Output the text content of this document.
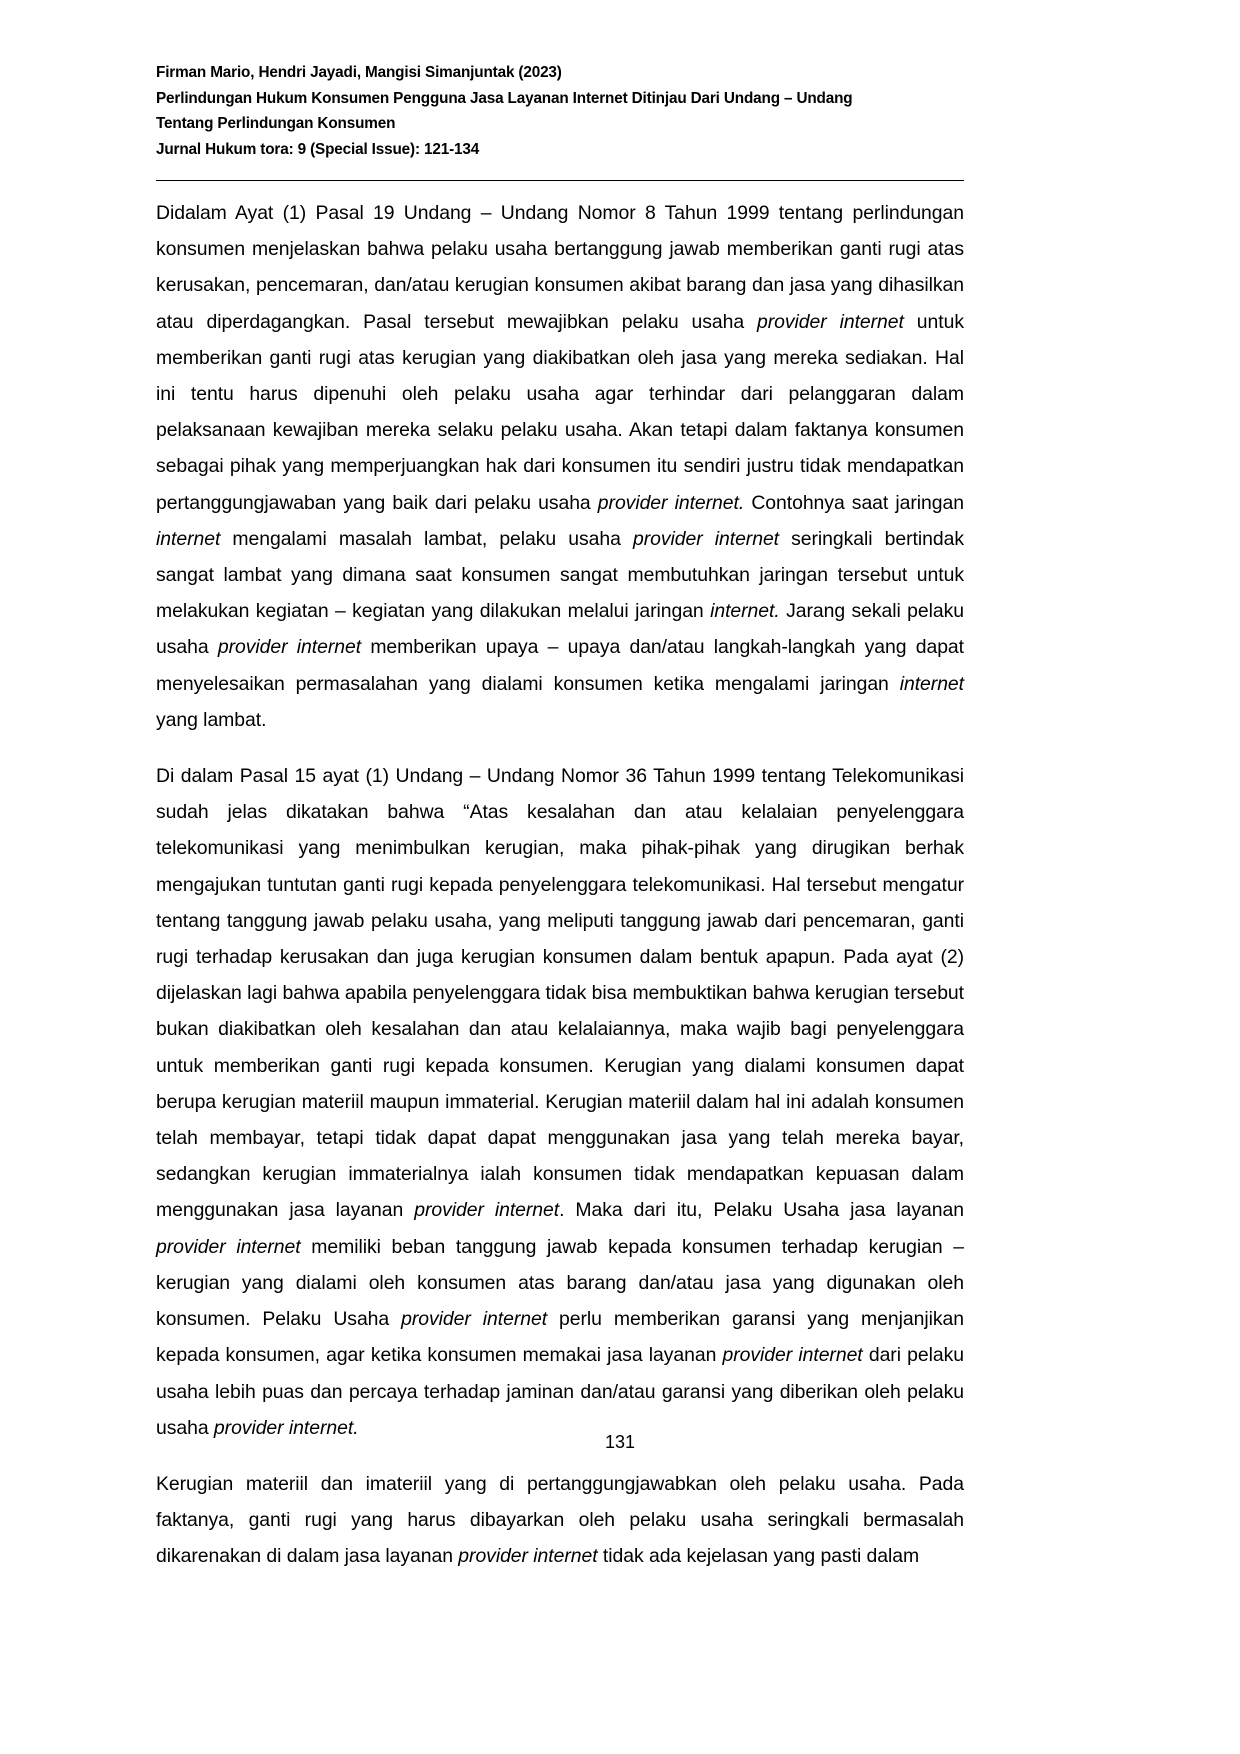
Firman Mario, Hendri Jayadi, Mangisi Simanjuntak (2023)
Perlindungan Hukum Konsumen Pengguna Jasa Layanan Internet Ditinjau Dari Undang – Undang
Tentang Perlindungan Konsumen
Jurnal Hukum tora: 9 (Special Issue): 121-134

Didalam Ayat (1) Pasal 19 Undang – Undang Nomor 8 Tahun 1999 tentang perlindungan konsumen menjelaskan bahwa pelaku usaha bertanggung jawab memberikan ganti rugi atas kerusakan, pencemaran, dan/atau kerugian konsumen akibat barang dan jasa yang dihasilkan atau diperdagangkan. Pasal tersebut mewajibkan pelaku usaha provider internet untuk memberikan ganti rugi atas kerugian yang diakibatkan oleh jasa yang mereka sediakan. Hal ini tentu harus dipenuhi oleh pelaku usaha agar terhindar dari pelanggaran dalam pelaksanaan kewajiban mereka selaku pelaku usaha. Akan tetapi dalam faktanya konsumen sebagai pihak yang memperjuangkan hak dari konsumen itu sendiri justru tidak mendapatkan pertanggungjawaban yang baik dari pelaku usaha provider internet. Contohnya saat jaringan internet mengalami masalah lambat, pelaku usaha provider internet seringkali bertindak sangat lambat yang dimana saat konsumen sangat membutuhkan jaringan tersebut untuk melakukan kegiatan – kegiatan yang dilakukan melalui jaringan internet. Jarang sekali pelaku usaha provider internet memberikan upaya – upaya dan/atau langkah-langkah yang dapat menyelesaikan permasalahan yang dialami konsumen ketika mengalami jaringan internet yang lambat.

Di dalam Pasal 15 ayat (1) Undang – Undang Nomor 36 Tahun 1999 tentang Telekomunikasi sudah jelas dikatakan bahwa “Atas kesalahan dan atau kelalaian penyelenggara telekomunikasi yang menimbulkan kerugian, maka pihak-pihak yang dirugikan berhak mengajukan tuntutan ganti rugi kepada penyelenggara telekomunikasi. Hal tersebut mengatur tentang tanggung jawab pelaku usaha, yang meliputi tanggung jawab dari pencemaran, ganti rugi terhadap kerusakan dan juga kerugian konsumen dalam bentuk apapun. Pada ayat (2) dijelaskan lagi bahwa apabila penyelenggara tidak bisa membuktikan bahwa kerugian tersebut bukan diakibatkan oleh kesalahan dan atau kelalaiannya, maka wajib bagi penyelenggara untuk memberikan ganti rugi kepada konsumen. Kerugian yang dialami konsumen dapat berupa kerugian materiil maupun immaterial. Kerugian materiil dalam hal ini adalah konsumen telah membayar, tetapi tidak dapat dapat menggunakan jasa yang telah mereka bayar, sedangkan kerugian immaterialnya ialah konsumen tidak mendapatkan kepuasan dalam menggunakan jasa layanan provider internet. Maka dari itu, Pelaku Usaha jasa layanan provider internet memiliki beban tanggung jawab kepada konsumen terhadap kerugian – kerugian yang dialami oleh konsumen atas barang dan/atau jasa yang digunakan oleh konsumen. Pelaku Usaha provider internet perlu memberikan garansi yang menjanjikan kepada konsumen, agar ketika konsumen memakai jasa layanan provider internet dari pelaku usaha lebih puas dan percaya terhadap jaminan dan/atau garansi yang diberikan oleh pelaku usaha provider internet.

Kerugian materiil dan imateriil yang di pertanggungjawabkan oleh pelaku usaha. Pada faktanya, ganti rugi yang harus dibayarkan oleh pelaku usaha seringkali bermasalah dikarenakan di dalam jasa layanan provider internet tidak ada kejelasan yang pasti dalam

131
